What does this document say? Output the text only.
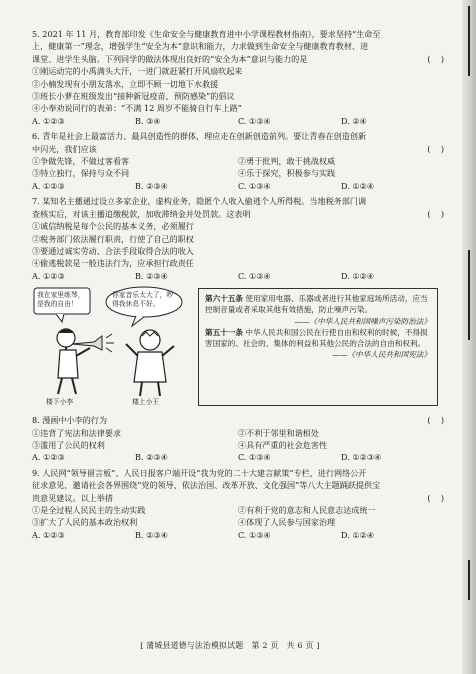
5. 2021 年 11 月，教育部印发《生命安全与健康教育进中小学课程教材指南》，要求坚持“生命至
上，健康第一”理念，增强学生“安全为本”意识和能力，力求做到生命安全与健康教育教材、进
课堂、进学生头脑。下列同学的做法体现出良好的“安全为本”意识与能力的是	(    )
①刚运动完的小禹满头大汗，一进门就赶紧打开风扇吹起来
②小楠发现有小朋友落水，立即不顾一切地下水救援
③班长小萝在班级发出“接种新冠疫苗，预防感染”的倡议
④小奉劝说同行的表弟：“不满 12 周岁不能骑自行车上路”
A. ①②③	B. ③④	C. ①③④	D. ②④
6. 青年是社会上最富活力、最具创造性的群体，理应走在创新创造前列。要让青春在创造创新
中闪光，我们应该	(    )
①争做先锋，不做过客看客	②勇于批判，敢于挑战权威
③特立独行，保持与众不同	④乐于探究，积极参与实践
A. ①②③	B. ②③④	C. ①③④	D. ①②④
7. 某知名主播通过设立多家企业，虚构业务，隐匿个人收入偷逃个人所得税。当地税务部门调
查核实后，对该主播追缴税款，加收滞纳金并处罚款。这表明	(    )
①诚信纳税是每个公民的基本义务，必须履行
②税务部门依法履行职责，行使了自己的职权
③要通过诚实劳动、合法手段取得合法的收入
④偷逃税款是一般违法行为，应承担行政责任
A. ①②③	B. ②③④	C. ①③④	D. ①②④
我在家里练琴，是我的自由！
你家音乐太大了，吵得我休息不好。
楼下小李	楼上小王

第六十五条 使用家用电器、乐器或者进行其他家庭场所活动，应当控制音量或者采取其他有效措施，防止噪声污染。

——《中华人民共和国噪声污染防治法》

第五十一条 中华人民共和国公民在行使自由和权利的时候，不得损害国家的、社会的、集体的利益和其他公民的合法的自由和权利。

——《中华人民共和国宪法》

8. 漫画中小李的行为	(    )
①违背了宪法和法律要求	②不利于邻里和谐相处
③滥用了公民的权利	④具有严重的社会危害性
A. ①②③	B. ②③④	C. ①③④	D. ①②③④
9. 人民网“领导留言板”、人民日报客户端开设“我为党的二十大建言献策”专栏，进行网络公开
征求意见，邀请社会各界围绕“党的领导、依法治国、改革开放、文化强国”等八大主题踊跃提供宝
贵意见建议。以上举措	(    )
①是全过程人民民主的生动实践	②有利于党的意志和人民意志达成统一
③扩大了人民的基本政治权利	④体现了人民参与国家治理
A. ①②③	B. ②③④	C. ①③④	D. ①②④
[ 蒲城县道德与法治模拟试题　第 2 页　共 6 页 ]
